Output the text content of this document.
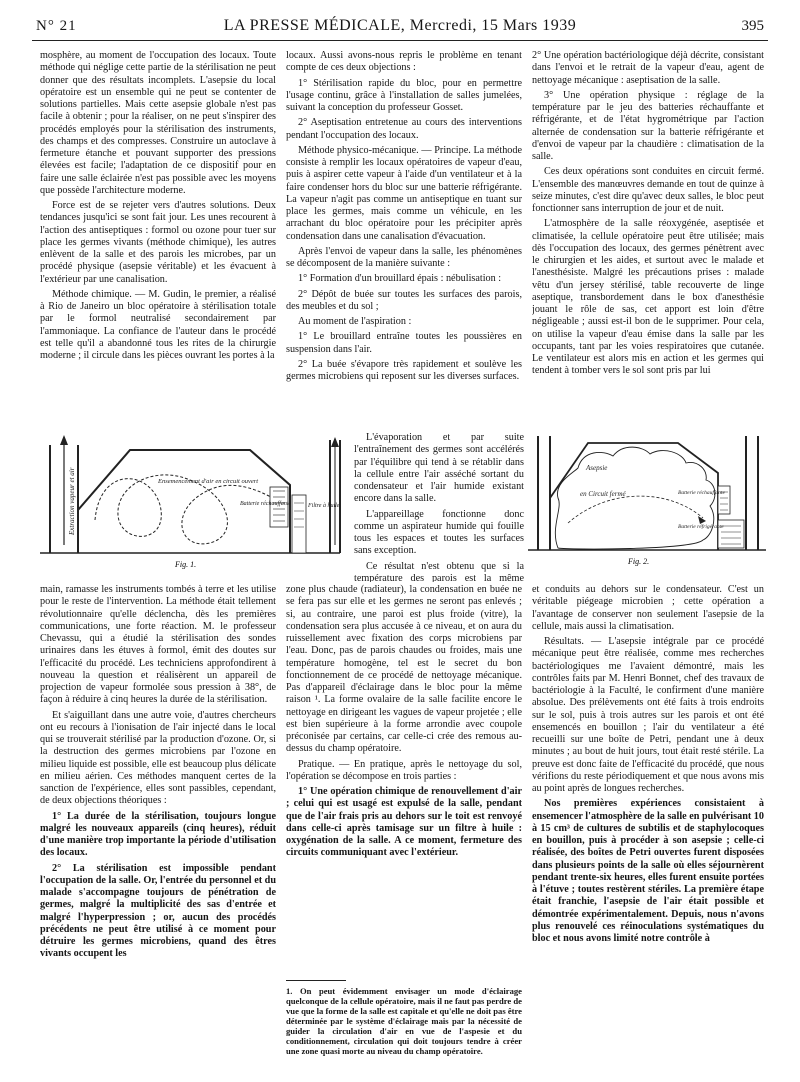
N° 21	LA PRESSE MÉDICALE, Mercredi, 15 Mars 1939	395

mosphère, au moment de l'occupation des locaux. Toute méthode qui néglige cette partie de la stérilisation ne peut donner que des résultats incomplets. L'asepsie du local opératoire est un ensemble qui ne peut se contenter de solutions partielles. Mais cette asepsie globale n'est pas facile à obtenir ; pour la réaliser, on ne peut s'inspirer des procédés employés pour la stérilisation des instruments, des champs et des compresses. Construire un autoclave à fermeture étanche et pouvant supporter des pressions élevées est facile; l'adaptation de ce dispositif pour en faire une salle éclairée n'est pas possible avec les moyens que possède l'architecture moderne.

Force est de se rejeter vers d'autres solutions. Deux tendances jusqu'ici se sont fait jour. Les unes recourent à l'action des antiseptiques : formol ou ozone pour tuer sur place les germes vivants (méthode chimique), les autres enlèvent de la salle et des parois les microbes, par un procédé physique (asepsie véritable) et les évacuent à l'extérieur par une canalisation.

Méthode chimique. — M. Gudin, le premier, a réalisé à Rio de Janeiro un bloc opératoire à stérilisation totale par le formol neutralisé secondairement par l'ammoniaque. La confiance de l'auteur dans le procédé est telle qu'il a abandonné tous les rites de la chirurgie moderne ; il circule dans les pièces ouvrant les portes à la

locaux. Aussi avons-nous repris le problème en tenant compte de ces deux objections :

1° Stérilisation rapide du bloc, pour en permettre l'usage continu, grâce à l'installation de salles jumelées, suivant la conception du professeur Gosset.

2° Aseptisation entretenue au cours des interventions pendant l'occupation des locaux.

Méthode physico-mécanique. — Principe. La méthode consiste à remplir les locaux opératoires de vapeur d'eau, puis à aspirer cette vapeur à l'aide d'un ventilateur et à la faire condenser hors du bloc sur une batterie réfrigérante. La vapeur n'agit pas comme un antiseptique en tuant sur place les germes, mais comme un véhicule, en les arrachant du bloc opératoire pour les précipiter après condensation dans une canalisation d'évacuation.

Après l'envoi de vapeur dans la salle, les phénomènes se décomposent de la manière suivante :

1° Formation d'un brouillard épais : nébulisation :

2° Dépôt de buée sur toutes les surfaces des parois, des meubles et du sol ;

Au moment de l'aspiration :

1° Le brouillard entraîne toutes les poussières en suspension dans l'air.

2° La buée s'évapore très rapidement et soulève les germes microbiens qui reposent sur les diverses surfaces.

L'évaporation et par suite l'entraînement des germes sont accélérés par l'équilibre qui tend à se rétablir dans la cellule entre l'air asséché sortant du condensateur et l'air humide existant encore dans la salle.

L'appareillage fonctionne donc comme un aspirateur humide qui fouille tous les espaces et toutes les surfaces sans exception.

Ce résultat n'est obtenu que si la température des parois est la même

2° Une opération bactériologique déjà décrite, consistant dans l'envoi et le retrait de la vapeur d'eau, agent de nettoyage mécanique : aseptisation de la salle.

3° Une opération physique : réglage de la température par le jeu des batteries réchauffante et réfrigérante, et de l'état hygrométrique par l'action alternée de condensation sur la batterie réfrigérante et d'envoi de vapeur par la chaudière : climatisation de la salle.

Ces deux opérations sont conduites en circuit fermé. L'ensemble des manœuvres demande en tout de quinze à seize minutes, c'est dire qu'avec deux salles, le bloc peut fonctionner sans interruption de jour et de nuit.

L'atmosphère de la salle réoxygénée, aseptisée et climatisée, la cellule opératoire peut être utilisée; mais dès l'occupation des locaux, des germes pénètrent avec le chirurgien et les aides, et surtout avec le malade et l'anesthésiste. Malgré les précautions prises : malade vêtu d'un jersey stérilisé, table recouverte de linge aseptique, transbordement dans le box d'anesthésie jouant le rôle de sas, cet apport est loin d'être négligeable ; aussi est-il bon de le supprimer. Pour cela, on utilise la vapeur d'eau émise dans la salle par les occupants, tant par les voies respiratoires que cutanée. Le ventilateur est alors mis en action et les germes qui tendent à tomber vers le sol sont pris par lui

Extraction vapeur et air	Ensemencement d'air en circuit ouvert
Batterie réchauffante	Filtre à huile
Fig. 1.
Asepsie
en Circuit fermé	Batterie réchauffante
Batterie réfrigérante
Fig. 2.

main, ramasse les instruments tombés à terre et les utilise pour le reste de l'intervention. La méthode était tellement révolutionnaire qu'elle déclencha, dès les premières communications, une forte réaction. M. le professeur Chevassu, qui a étudié la stérilisation des sondes urinaires dans les étuves à formol, émit des doutes sur l'efficacité du procédé. Les techniciens approfondirent à nouveau la question et réalisèrent un appareil de projection de vapeur formolée sous pression à 38°, de façon à réduire à cinq heures la durée de la stérilisation.

Et s'aiguillant dans une autre voie, d'autres chercheurs ont eu recours à l'ionisation de l'air injecté dans le local qui se trouverait stérilisé par la production d'ozone. Or, si la destruction des germes microbiens par l'ozone en milieu liquide est possible, elle est beaucoup plus délicate en milieu aérien. Ces méthodes manquent certes de la sanction de l'expérience, elles sont passibles, cependant, de deux objections théoriques :

1° La durée de la stérilisation, toujours longue malgré les nouveaux appareils (cinq heures), réduit d'une manière trop importante la période d'utilisation des locaux.

2° La stérilisation est impossible pendant l'occupation de la salle. Or, l'entrée du personnel et du malade s'accompagne toujours de pénétration de germes, malgré la multiplicité des sas d'entrée et malgré l'hyperpression ; or, aucun des procédés précédents ne peut être utilisé à ce moment pour détruire les germes microbiens, quand des êtres vivants occupent les

zone plus chaude (radiateur), la condensation en buée ne se fera pas sur elle et les germes ne seront pas enlevés ; si, au contraire, une paroi est plus froide (vitre), la condensation sera plus accusée à ce niveau, et on aura du ruissellement avec fixation des corps microbiens par l'eau. Donc, pas de parois chaudes ou froides, mais une température homogène, tel est le secret du bon fonctionnement de ce procédé de nettoyage mécanique. Pas d'appareil d'éclairage dans le bloc pour la même raison ¹. La forme ovalaire de la salle facilite encore le nettoyage en dirigeant les vagues de vapeur projetée ; elle est bien supérieure à la forme arrondie avec coupole préconisée par certains, car celle-ci crée des remous au-dessus du champ opératoire.

Pratique. — En pratique, après le nettoyage du sol, l'opération se décompose en trois parties :

1° Une opération chimique de renouvellement d'air ; celui qui est usagé est expulsé de la salle, pendant que de l'air frais pris au dehors sur le toit est renvoyé dans celle-ci après tamisage sur un filtre à huile : oxygénation de la salle. A ce moment, fermeture des circuits communiquant avec l'extérieur.

1. On peut évidemment envisager un mode d'éclairage quelconque de la cellule opératoire, mais il ne faut pas perdre de vue que la forme de la salle est capitale et qu'elle ne doit pas être déterminée par le système d'éclairage mais par la nécessité de guider la circulation d'air en vue de l'aspesie et du conditionnement, circulation qui doit toujours tendre à créer une zone quasi morte au niveau du champ opératoire.

et conduits au dehors sur le condensateur. C'est un véritable piégeage microbien ; cette opération a l'avantage de conserver non seulement l'asepsie de la cellule, mais aussi la climatisation.

Résultats. — L'asepsie intégrale par ce procédé mécanique peut être réalisée, comme mes recherches bactériologiques me l'avaient démontré, mais les contrôles faits par M. Henri Bonnet, chef des travaux de bactériologie à la Faculté, le confirment d'une manière absolue. Des prélèvements ont été faits à trois endroits sur le sol, puis à trois autres sur les parois et ont été ensemencés en bouillon ; l'air du ventilateur a été recueilli sur une boîte de Petri, pendant une à deux minutes ; au bout de huit jours, tout était resté stérile. La preuve est donc faite de l'efficacité du procédé, que nous vérifions du reste périodiquement et que nous avons mis au point après de longues recherches.

Nos premières expériences consistaient à ensemencer l'atmosphère de la salle en pulvérisant 10 à 15 cm³ de cultures de subtilis et de staphylocoques en bouillon, puis à procéder à son asepsie ; celle-ci réalisée, des boîtes de Petri ouvertes furent disposées dans plusieurs points de la salle où elles séjournèrent pendant trente-six heures, elles furent ensuite portées à l'étuve ; toutes restèrent stériles. La première étape était franchie, l'asepsie de l'air était possible et démontrée expérimentalement. Depuis, nous n'avons plus renouvelé ces réinoculations systématiques du bloc et nous avons limité notre contrôle à
